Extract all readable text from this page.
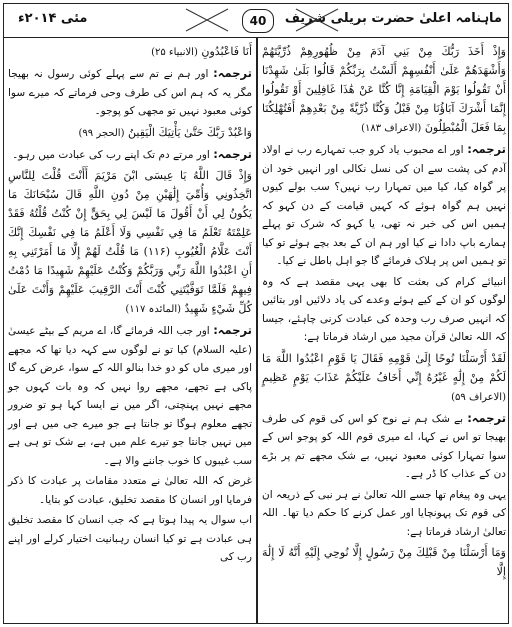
ماہنامہ اعلیٰ حضرت بریلی شریف
40
مئی ۲۰۱۴ء

وَإِذْ أَخَذَ رَبُّكَ مِنْ بَنِي آدَمَ مِنْ ظُهُورِهِمْ ذُرِّيَّتَهُمْ وَأَشْهَدَهُمْ عَلَىٰ أَنْفُسِهِمْ أَلَسْتُ بِرَبِّكُمْ قَالُوا بَلَىٰ شَهِدْنَا أَنْ تَقُولُوا يَوْمَ الْقِيَامَةِ إِنَّا كُنَّا عَنْ هَٰذَا غَافِلِينَ أَوْ تَقُولُوا إِنَّمَا أَشْرَكَ آبَاؤُنَا مِنْ قَبْلُ وَكُنَّا ذُرِّيَّةً مِنْ بَعْدِهِمْ أَفَتُهْلِكُنَا بِمَا فَعَلَ الْمُبْطِلُونَ (الاعراف ۱۸۳)

ترجمہ: اور اے محبوب یاد کرو جب تمہارے رب نے اولاد آدم کی پشت سے ان کی نسل نکالی اور انہیں خود ان پر گواہ کیا، کیا میں تمہارا رب نہیں؟ سب بولے کیوں نہیں ہم گواہ ہوئے کہ کہیں قیامت کے دن کہو کہ ہمیں اس کی خبر نہ تھی، یا کہو کہ شرک تو پہلے ہمارے باپ دادا نے کیا اور ہم ان کے بعد بچے ہوئے تو کیا تو ہمیں اس پر ہلاک فرمائے گا جو اہل باطل نے کیا۔

انبیائے کرام کی بعثت کا بھی یہی مقصد ہے کہ وہ لوگوں کو ان کے کیے ہوئے وعدے کی یاد دلائیں اور بتائیں کہ انہیں صرف رب وحدہ کی عبادت کرنی چاہئے، جیسا کہ اللہ تعالیٰ قرآن مجید میں ارشاد فرماتا ہے:

لَقَدْ أَرْسَلْنَا نُوحًا إِلَىٰ قَوْمِهِ فَقَالَ يَا قَوْمِ اعْبُدُوا اللَّهَ مَا لَكُمْ مِنْ إِلَٰهٍ غَيْرُهُ إِنِّي أَخَافُ عَلَيْكُمْ عَذَابَ يَوْمٍ عَظِيمٍ (الاعراف ۵۹)

ترجمہ: بے شک ہم نے نوح کو اس کی قوم کی طرف بھیجا تو اس نے کہا، اے میری قوم اللہ کو پوجو اس کے سوا تمہارا کوئی معبود نہیں، بے شک مجھے تم پر بڑے دن کے عذاب کا ڈر ہے۔

یہی وہ پیغام تھا جسے اللہ تعالیٰ نے ہر نبی کے ذریعہ ان کی قوم تک پہونچایا اور عمل کرنے کا حکم دیا تھا۔ اللہ تعالیٰ ارشاد فرماتا ہے:

وَمَا أَرْسَلْنَا مِنْ قَبْلِكَ مِنْ رَسُولٍ إِلَّا نُوحِي إِلَيْهِ أَنَّهُ لَا إِلَٰهَ إِلَّا

أَنَا فَاعْبُدُونِ (الانبیاء ۲۵)

ترجمہ: اور ہم نے تم سے پہلے کوئی رسول نہ بھیجا مگر یہ کہ ہم اس کی طرف وحی فرماتے کہ میرے سوا کوئی معبود نہیں تو مجھی کو پوجو۔

وَاعْبُدْ رَبَّكَ حَتَّىٰ يَأْتِيَكَ الْيَقِينُ (الحجر ۹۹)

ترجمہ: اور مرتے دم تک اپنے رب کی عبادت میں رہو۔

وَإِذْ قَالَ اللَّهُ يَا عِيسَى ابْنَ مَرْيَمَ أَأَنْتَ قُلْتَ لِلنَّاسِ اتَّخِذُونِي وَأُمِّيَ إِلَٰهَيْنِ مِنْ دُونِ اللَّهِ قَالَ سُبْحَانَكَ مَا يَكُونُ لِي أَنْ أَقُولَ مَا لَيْسَ لِي بِحَقٍّ إِنْ كُنْتُ قُلْتُهُ فَقَدْ عَلِمْتَهُ تَعْلَمُ مَا فِي نَفْسِي وَلَا أَعْلَمُ مَا فِي نَفْسِكَ إِنَّكَ أَنْتَ عَلَّامُ الْغُيُوبِ (۱۱۶) مَا قُلْتُ لَهُمْ إِلَّا مَا أَمَرْتَنِي بِهِ أَنِ اعْبُدُوا اللَّهَ رَبِّي وَرَبَّكُمْ وَكُنْتُ عَلَيْهِمْ شَهِيدًا مَا دُمْتُ فِيهِمْ فَلَمَّا تَوَفَّيْتَنِي كُنْتَ أَنْتَ الرَّقِيبَ عَلَيْهِمْ وَأَنْتَ عَلَىٰ كُلِّ شَيْءٍ شَهِيدٌ (المائدہ ۱۱۷)

ترجمہ: اور جب اللہ فرمائے گا، اے مریم کے بیٹے عیسیٰ (علیہ السلام) کیا تو نے لوگوں سے کہہ دیا تھا کہ مجھے اور میری ماں کو دو خدا بنالو اللہ کے سوا، عرض کرے گا پاکی ہے تجھے، مجھے روا نہیں کہ وہ بات کہوں جو مجھے نہیں پہنچتی، اگر میں نے ایسا کہا ہو تو ضرور تجھے معلوم ہوگا تو جانتا ہے جو میرے جی میں ہے اور میں نہیں جانتا جو تیرے علم میں ہے، بے شک تو ہی ہے سب غیبوں کا خوب جاننے والا ہے۔

غرض کہ اللہ تعالیٰ نے متعدد مقامات پر عبادت کا ذکر فرمایا اور انسان کا مقصد تخلیق، عبادت کو بتایا۔

اب سوال یہ پیدا ہوتا ہے کہ جب انسان کا مقصد تخلیق ہی عبادت ہے تو کیا انسان رہبانیت اختیار کرلے اور اپنے رب کی
